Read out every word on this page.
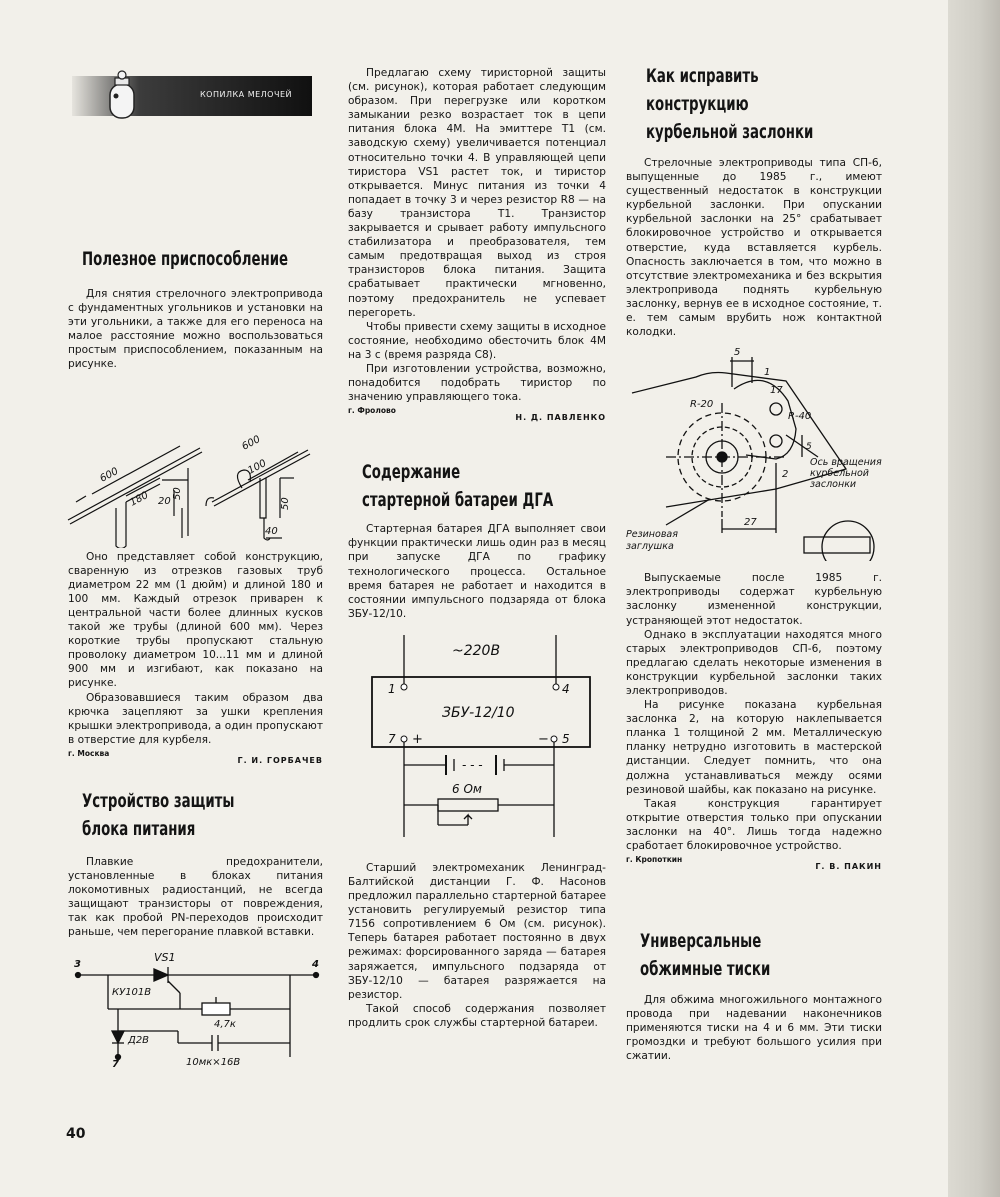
КОПИЛКА МЕЛОЧЕЙ
Полезное приспособление

Для снятия стрелочного электропривода с фундаментных угольников и установки на эти угольники, а также для его переноса на малое расстояние можно воспользоваться простым приспособлением, показанным на рисунке.

600
180 20
50
600
100
50
40

Оно представляет собой конструкцию, сваренную из отрезков газовых труб диаметром 22 мм (1 дюйм) и длиной 180 и 100 мм. Каждый отрезок приварен к центральной части более длинных кусков такой же трубы (длиной 600 мм). Через короткие трубы пропускают стальную проволоку диаметром 10...11 мм и длиной 900 мм и изгибают, как показано на рисунке.

Образовавшиеся таким образом два крючка зацепляют за ушки крепления крышки электропривода, а один пропускают в отверстие для курбеля.

г. Москва
Г. И. ГОРБАЧЕВ
Устройство защиты
блока питания

Плавкие предохранители, установленные в блоках питания локомотивных радиостанций, не всегда защищают транзисторы от повреждения, так как пробой PN-переходов происходит раньше, чем перегорание плавкой вставки.

3	4
VS1
КУ101В
Д2В
4,7к
10мк×16В
7

Предлагаю схему тиристорной защиты (см. рисунок), которая работает следующим образом. При перегрузке или коротком замыкании резко возрастает ток в цепи питания блока 4М. На эмиттере Т1 (см. заводскую схему) увеличивается потенциал относительно точки 4. В управляющей цепи тиристора VS1 растет ток, и тиристор открывается. Минус питания из точки 4 попадает в точку 3 и через резистор R8 — на базу транзистора Т1. Транзистор закрывается и срывает работу импульсного стабилизатора и преобразователя, тем самым предотвращая выход из строя транзисторов блока питания. Защита срабатывает практически мгновенно, поэтому предохранитель не успевает перегореть.

Чтобы привести схему защиты в исходное состояние, необходимо обесточить блок 4М на 3 с (время разряда С8).

При изготовлении устройства, возможно, понадобится подобрать тиристор по значению управляющего тока.

г. Фролово
Н. Д. ПАВЛЕНКО
Содержание
стартерной батареи ДГА

Стартерная батарея ДГА выполняет свои функции практически лишь один раз в месяц при запуске ДГА по графику технологического процесса. Остальное время батарея не работает и находится в состоянии импульсного подзаряда от блока ЗБУ-12/10.

~220В
1	4
ЗБУ-12/10
7 +	− 5
- - -
6 Ом

Старший электромеханик Ленинград-Балтийской дистанции Г. Ф. Насонов предложил параллельно стартерной батарее установить регулируемый резистор типа 7156 сопротивлением 6 Ом (см. рисунок). Теперь батарея работает постоянно в двух режимах: форсированного заряда — батарея заряжается, импульсного подзаряда от ЗБУ-12/10 — батарея разряжается на резистор.

Такой способ содержания позволяет продлить срок службы стартерной батареи.

Как исправить
конструкцию
курбельной заслонки

Стрелочные электроприводы типа СП-6, выпущенные до 1985 г., имеют существенный недостаток в конструкции курбельной заслонки. При опускании курбельной заслонки на 25° срабатывает блокировочное устройство и открывается отверстие, куда вставляется курбель. Опасность заключается в том, что можно в отсутствие электромеханика и без вскрытия электропривода поднять курбельную заслонку, вернув ее в исходное состояние, т. е. тем самым врубить нож контактной колодки.

5
1
17
R-20
R-40
5
2
27
Ось вращения курбельной заслонки
Резиновая заглушка

Выпускаемые после 1985 г. электроприводы содержат курбельную заслонку измененной конструкции, устраняющей этот недостаток.

Однако в эксплуатации находятся много старых электроприводов СП-6, поэтому предлагаю сделать некоторые изменения в конструкции курбельной заслонки таких электроприводов.

На рисунке показана курбельная заслонка 2, на которую наклепывается планка 1 толщиной 2 мм. Металлическую планку нетрудно изготовить в мастерской дистанции. Следует помнить, что она должна устанавливаться между осями резиновой шайбы, как показано на рисунке.

Такая конструкция гарантирует открытие отверстия только при опускании заслонки на 40°. Лишь тогда надежно сработает блокировочное устройство.

г. Кропоткин
Г. В. ПАКИН
Универсальные
обжимные тиски

Для обжима многожильного монтажного провода при надевании наконечников применяются тиски на 4 и 6 мм. Эти тиски громоздки и требуют большого усилия при сжатии.

40
